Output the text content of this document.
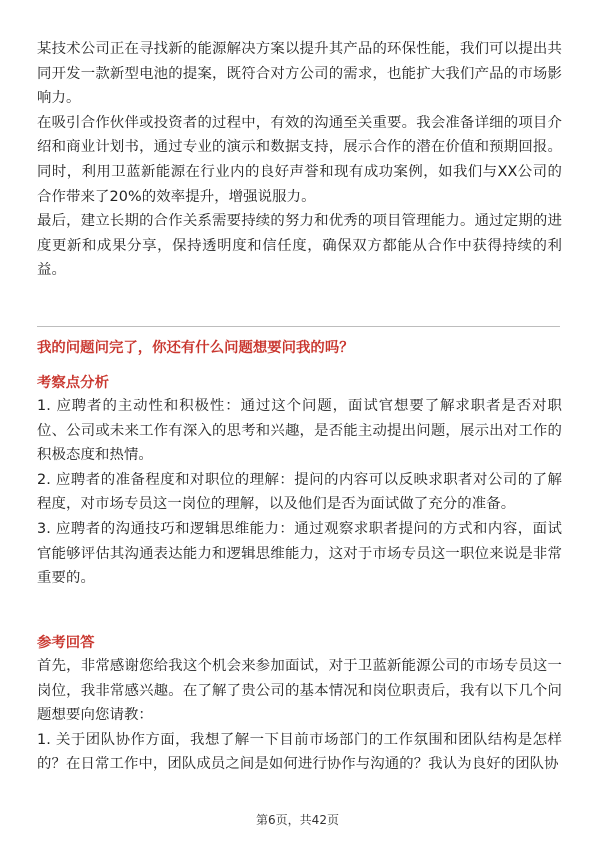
某技术公司正在寻找新的能源解决方案以提升其产品的环保性能，我们可以提出共同开发一款新型电池的提案，既符合对方公司的需求，也能扩大我们产品的市场影响力。

在吸引合作伙伴或投资者的过程中，有效的沟通至关重要。我会准备详细的项目介绍和商业计划书，通过专业的演示和数据支持，展示合作的潜在价值和预期回报。同时，利用卫蓝新能源在行业内的良好声誉和现有成功案例，如我们与XX公司的合作带来了20%的效率提升，增强说服力。

最后，建立长期的合作关系需要持续的努力和优秀的项目管理能力。通过定期的进度更新和成果分享，保持透明度和信任度，确保双方都能从合作中获得持续的利益。

我的问题问完了，你还有什么问题想要问我的吗？

考察点分析

1. 应聘者的主动性和积极性：通过这个问题，面试官想要了解求职者是否对职位、公司或未来工作有深入的思考和兴趣，是否能主动提出问题，展示出对工作的积极态度和热情。

2. 应聘者的准备程度和对职位的理解：提问的内容可以反映求职者对公司的了解程度，对市场专员这一岗位的理解，以及他们是否为面试做了充分的准备。

3. 应聘者的沟通技巧和逻辑思维能力：通过观察求职者提问的方式和内容，面试官能够评估其沟通表达能力和逻辑思维能力，这对于市场专员这一职位来说是非常重要的。

参考回答

首先，非常感谢您给我这个机会来参加面试，对于卫蓝新能源公司的市场专员这一岗位，我非常感兴趣。在了解了贵公司的基本情况和岗位职责后，我有以下几个问题想要向您请教：

1. 关于团队协作方面，我想了解一下目前市场部门的工作氛围和团队结构是怎样的？在日常工作中，团队成员之间是如何进行协作与沟通的？我认为良好的团队协

第6页，共42页
